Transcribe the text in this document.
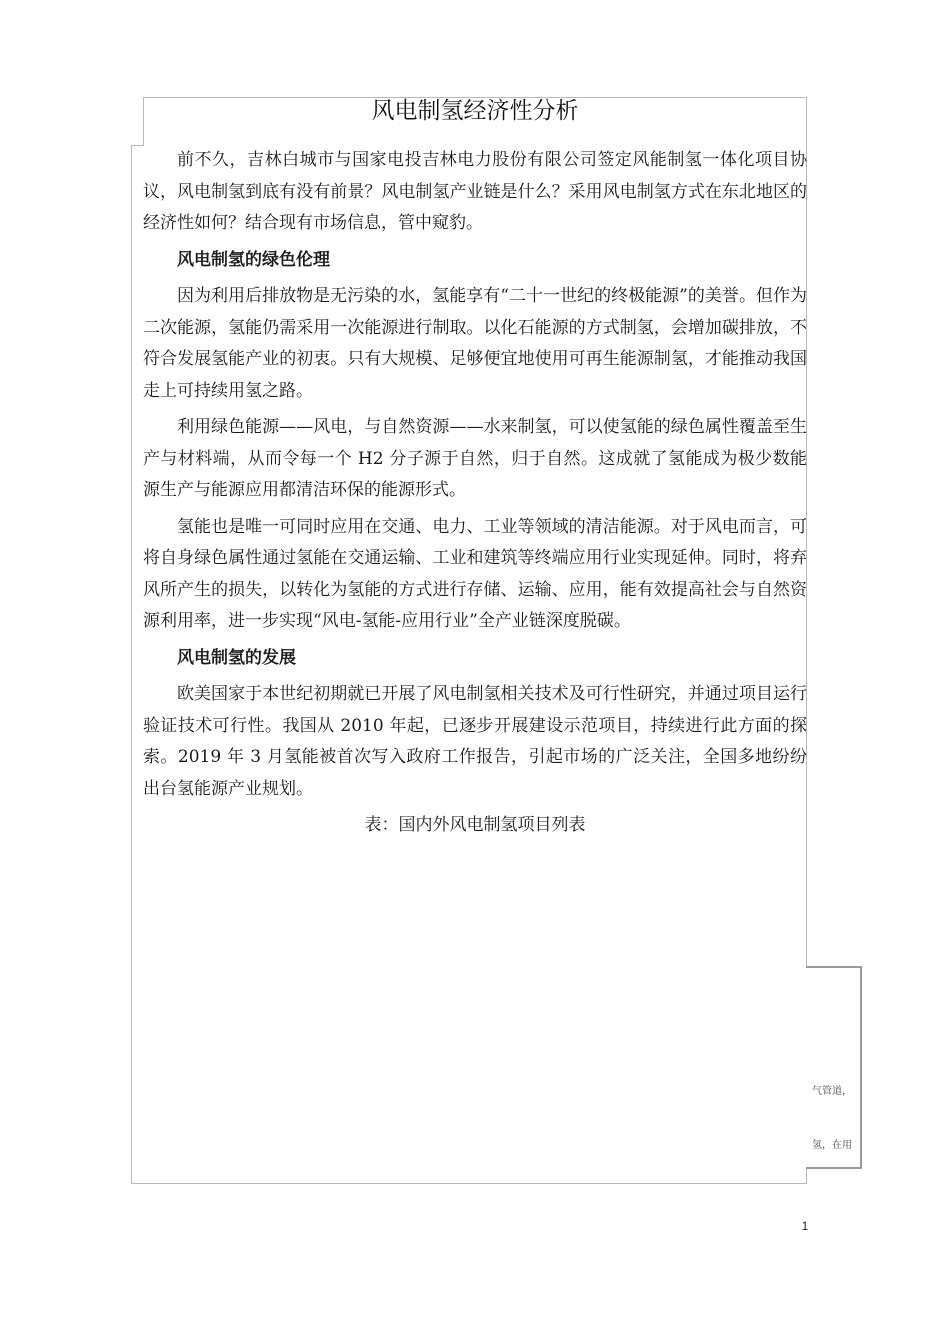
风电制氢经济性分析

前不久，吉林白城市与国家电投吉林电力股份有限公司签定风能制氢一体化项目协议，风电制氢到底有没有前景？风电制氢产业链是什么？采用风电制氢方式在东北地区的经济性如何？结合现有市场信息，管中窥豹。

风电制氢的绿色伦理

因为利用后排放物是无污染的水，氢能享有“二十一世纪的终极能源”的美誉。但作为二次能源，氢能仍需采用一次能源进行制取。以化石能源的方式制氢，会增加碳排放，不符合发展氢能产业的初衷。只有大规模、足够便宜地使用可再生能源制氢，才能推动我国走上可持续用氢之路。

利用绿色能源——风电，与自然资源——水来制氢，可以使氢能的绿色属性覆盖至生产与材料端，从而令每一个 H2 分子源于自然，归于自然。这成就了氢能成为极少数能源生产与能源应用都清洁环保的能源形式。

氢能也是唯一可同时应用在交通、电力、工业等领域的清洁能源。对于风电而言，可将自身绿色属性通过氢能在交通运输、工业和建筑等终端应用行业实现延伸。同时，将弃风所产生的损失，以转化为氢能的方式进行存储、运输、应用，能有效提高社会与自然资源利用率，进一步实现“风电-氢能-应用行业”全产业链深度脱碳。

风电制氢的发展

欧美国家于本世纪初期就已开展了风电制氢相关技术及可行性研究，并通过项目运行验证技术可行性。我国从 2010 年起，已逐步开展建设示范项目，持续进行此方面的探索。2019 年 3 月氢能被首次写入政府工作报告，引起市场的广泛关注，全国多地纷纷出台氢能源产业规划。

表：国内外风电制氢项目列表

气管道，
氢，在用
1
